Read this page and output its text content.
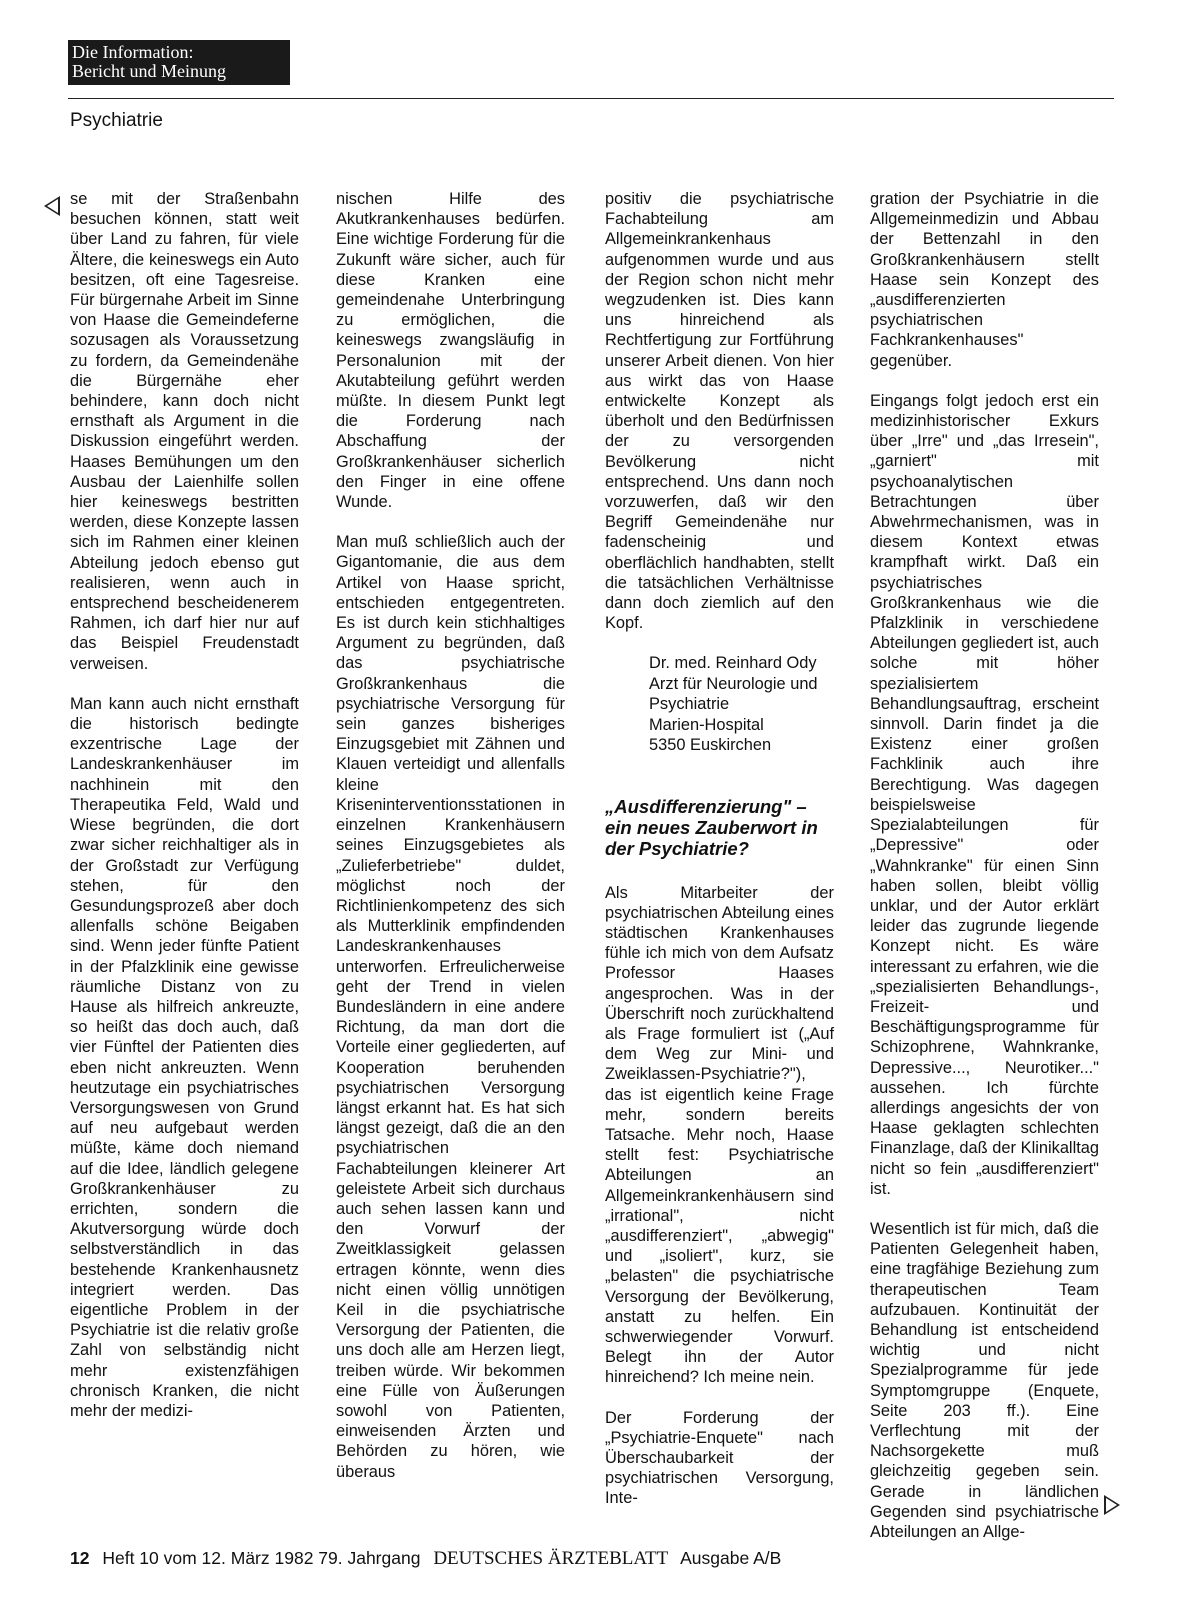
Die Information:
Bericht und Meinung
Psychiatrie

se mit der Straßenbahn besuchen können, statt weit über Land zu fahren, für viele Ältere, die keineswegs ein Auto besitzen, oft eine Tagesreise. Für bürgernahe Arbeit im Sinne von Haase die Gemeindeferne sozusagen als Voraussetzung zu fordern, da Gemeindenähe die Bürgernähe eher behindere, kann doch nicht ernsthaft als Argument in die Diskussion eingeführt werden. Haases Bemühungen um den Ausbau der Laienhilfe sollen hier keineswegs bestritten werden, diese Konzepte lassen sich im Rahmen einer kleinen Abteilung jedoch ebenso gut realisieren, wenn auch in entsprechend bescheidenerem Rahmen, ich darf hier nur auf das Beispiel Freudenstadt verweisen.

Man kann auch nicht ernsthaft die historisch bedingte exzentrische Lage der Landeskrankenhäuser im nachhinein mit den Therapeutika Feld, Wald und Wiese begründen, die dort zwar sicher reichhaltiger als in der Großstadt zur Verfügung stehen, für den Gesundungsprozeß aber doch allenfalls schöne Beigaben sind. Wenn jeder fünfte Patient in der Pfalzklinik eine gewisse räumliche Distanz von zu Hause als hilfreich ankreuzte, so heißt das doch auch, daß vier Fünftel der Patienten dies eben nicht ankreuzten. Wenn heutzutage ein psychiatrisches Versorgungswesen von Grund auf neu aufgebaut werden müßte, käme doch niemand auf die Idee, ländlich gelegene Großkrankenhäuser zu errichten, sondern die Akutversorgung würde doch selbstverständlich in das bestehende Krankenhausnetz integriert werden. Das eigentliche Problem in der Psychiatrie ist die relativ große Zahl von selbständig nicht mehr existenzfähigen chronisch Kranken, die nicht mehr der medizi-

nischen Hilfe des Akutkrankenhauses bedürfen. Eine wichtige Forderung für die Zukunft wäre sicher, auch für diese Kranken eine gemeindenahe Unterbringung zu ermöglichen, die keineswegs zwangsläufig in Personalunion mit der Akutabteilung geführt werden müßte. In diesem Punkt legt die Forderung nach Abschaffung der Großkrankenhäuser sicherlich den Finger in eine offene Wunde.

Man muß schließlich auch der Gigantomanie, die aus dem Artikel von Haase spricht, entschieden entgegentreten. Es ist durch kein stichhaltiges Argument zu begründen, daß das psychiatrische Großkrankenhaus die psychiatrische Versorgung für sein ganzes bisheriges Einzugsgebiet mit Zähnen und Klauen verteidigt und allenfalls kleine Kriseninterventionsstationen in einzelnen Krankenhäusern seines Einzugsgebietes als „Zulieferbetriebe" duldet, möglichst noch der Richtlinienkompetenz des sich als Mutterklinik empfindenden Landeskrankenhauses unterworfen. Erfreulicherweise geht der Trend in vielen Bundesländern in eine andere Richtung, da man dort die Vorteile einer gegliederten, auf Kooperation beruhenden psychiatrischen Versorgung längst erkannt hat. Es hat sich längst gezeigt, daß die an den psychiatrischen Fachabteilungen kleinerer Art geleistete Arbeit sich durchaus auch sehen lassen kann und den Vorwurf der Zweitklassigkeit gelassen ertragen könnte, wenn dies nicht einen völlig unnötigen Keil in die psychiatrische Versorgung der Patienten, die uns doch alle am Herzen liegt, treiben würde. Wir bekommen eine Fülle von Äußerungen sowohl von Patienten, einweisenden Ärzten und Behörden zu hören, wie überaus

positiv die psychiatrische Fachabteilung am Allgemeinkrankenhaus aufgenommen wurde und aus der Region schon nicht mehr wegzudenken ist. Dies kann uns hinreichend als Rechtfertigung zur Fortführung unserer Arbeit dienen. Von hier aus wirkt das von Haase entwickelte Konzept als überholt und den Bedürfnissen der zu versorgenden Bevölkerung nicht entsprechend. Uns dann noch vorzuwerfen, daß wir den Begriff Gemeindenähe nur fadenscheinig und oberflächlich handhabten, stellt die tatsächlichen Verhältnisse dann doch ziemlich auf den Kopf.

Dr. med. Reinhard Ody
Arzt für Neurologie und
Psychiatrie
Marien-Hospital
5350 Euskirchen
„Ausdifferenzierung" – ein neues Zauberwort in der Psychiatrie?

Als Mitarbeiter der psychiatrischen Abteilung eines städtischen Krankenhauses fühle ich mich von dem Aufsatz Professor Haases angesprochen. Was in der Überschrift noch zurückhaltend als Frage formuliert ist („Auf dem Weg zur Mini- und Zweiklassen-Psychiatrie?"), das ist eigentlich keine Frage mehr, sondern bereits Tatsache. Mehr noch, Haase stellt fest: Psychiatrische Abteilungen an Allgemeinkrankenhäusern sind „irrational", nicht „ausdifferenziert", „abwegig" und „isoliert", kurz, sie „belasten" die psychiatrische Versorgung der Bevölkerung, anstatt zu helfen. Ein schwerwiegender Vorwurf. Belegt ihn der Autor hinreichend? Ich meine nein.

Der Forderung der „Psychiatrie-Enquete" nach Überschaubarkeit der psychiatrischen Versorgung, Inte-

gration der Psychiatrie in die Allgemeinmedizin und Abbau der Bettenzahl in den Großkrankenhäusern stellt Haase sein Konzept des „ausdifferenzierten psychiatrischen Fachkrankenhauses" gegenüber.

Eingangs folgt jedoch erst ein medizinhistorischer Exkurs über „Irre" und „das Irresein", „garniert" mit psychoanalytischen Betrachtungen über Abwehrmechanismen, was in diesem Kontext etwas krampfhaft wirkt. Daß ein psychiatrisches Großkrankenhaus wie die Pfalzklinik in verschiedene Abteilungen gegliedert ist, auch solche mit höher spezialisiertem Behandlungsauftrag, erscheint sinnvoll. Darin findet ja die Existenz einer großen Fachklinik auch ihre Berechtigung. Was dagegen beispielsweise Spezialabteilungen für „Depressive" oder „Wahnkranke" für einen Sinn haben sollen, bleibt völlig unklar, und der Autor erklärt leider das zugrunde liegende Konzept nicht. Es wäre interessant zu erfahren, wie die „spezialisierten Behandlungs-, Freizeit- und Beschäftigungsprogramme für Schizophrene, Wahnkranke, Depressive..., Neurotiker..." aussehen. Ich fürchte allerdings angesichts der von Haase geklagten schlechten Finanzlage, daß der Klinikalltag nicht so fein „ausdifferenziert" ist.

Wesentlich ist für mich, daß die Patienten Gelegenheit haben, eine tragfähige Beziehung zum therapeutischen Team aufzubauen. Kontinuität der Behandlung ist entscheidend wichtig und nicht Spezialprogramme für jede Symptomgruppe (Enquete, Seite 203 ff.). Eine Verflechtung mit der Nachsorgekette muß gleichzeitig gegeben sein. Gerade in ländlichen Gegenden sind psychiatrische Abteilungen an Allge-

12 Heft 10 vom 12. März 1982 79. Jahrgang DEUTSCHES ÄRZTEBLATT Ausgabe A/B
